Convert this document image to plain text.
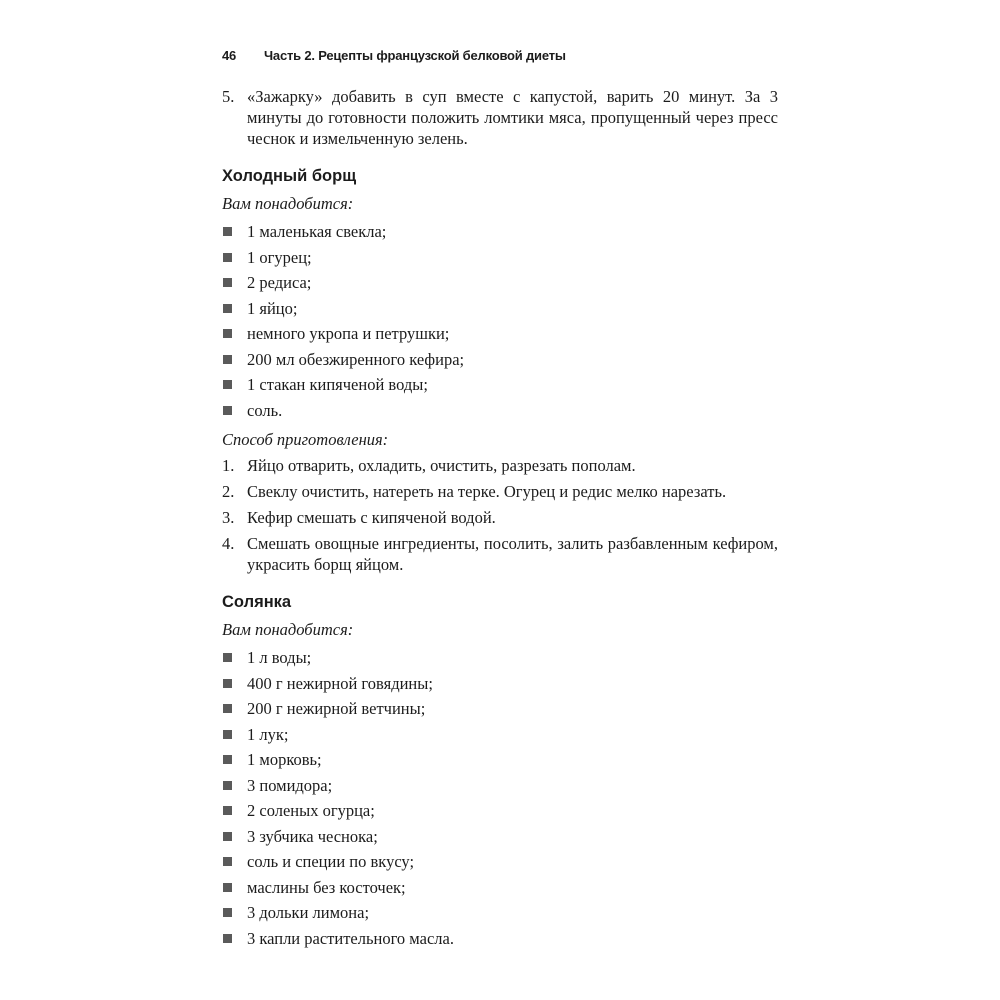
46 Часть 2. Рецепты французской белковой диеты
5. «Зажарку» добавить в суп вместе с капустой, варить 20 минут. За 3 минуты до готовности положить ломтики мяса, пропущенный через пресс чеснок и измельченную зелень.
Холодный борщ
Вам понадобится:
1 маленькая свекла;
1 огурец;
2 редиса;
1 яйцо;
немного укропа и петрушки;
200 мл обезжиренного кефира;
1 стакан кипяченой воды;
соль.
Способ приготовления:
1. Яйцо отварить, охладить, очистить, разрезать пополам.
2. Свеклу очистить, натереть на терке. Огурец и редис мелко нарезать.
3. Кефир смешать с кипяченой водой.
4. Смешать овощные ингредиенты, посолить, залить разбавленным кефиром, украсить борщ яйцом.
Солянка
Вам понадобится:
1 л воды;
400 г нежирной говядины;
200 г нежирной ветчины;
1 лук;
1 морковь;
3 помидора;
2 соленых огурца;
3 зубчика чеснока;
соль и специи по вкусу;
маслины без косточек;
3 дольки лимона;
3 капли растительного масла.
